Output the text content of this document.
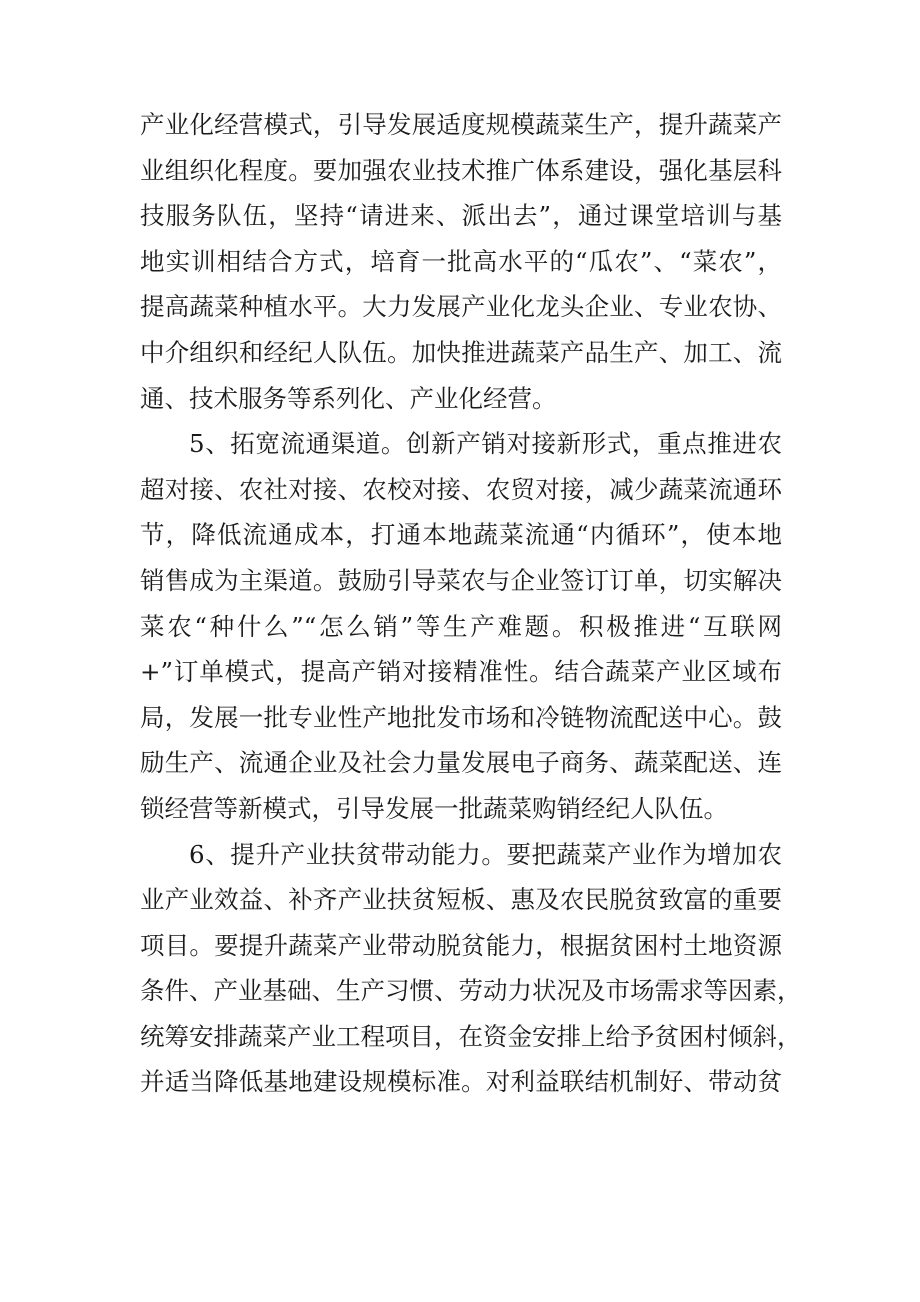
产业化经营模式，引导发展适度规模蔬菜生产，提升蔬菜产
业组织化程度。要加强农业技术推广体系建设，强化基层科
技服务队伍，坚持“请进来、派出去”，通过课堂培训与基
地实训相结合方式，培育一批高水平的“瓜农”、“菜农”，
提高蔬菜种植水平。大力发展产业化龙头企业、专业农协、
中介组织和经纪人队伍。加快推进蔬菜产品生产、加工、流
通、技术服务等系列化、产业化经营。
5、拓宽流通渠道。创新产销对接新形式，重点推进农
超对接、农社对接、农校对接、农贸对接，减少蔬菜流通环
节，降低流通成本，打通本地蔬菜流通“内循环”，使本地
销售成为主渠道。鼓励引导菜农与企业签订订单，切实解决
菜农“种什么”“怎么销”等生产难题。积极推进“互联网
+”订单模式，提高产销对接精准性。结合蔬菜产业区域布
局，发展一批专业性产地批发市场和冷链物流配送中心。鼓
励生产、流通企业及社会力量发展电子商务、蔬菜配送、连
锁经营等新模式，引导发展一批蔬菜购销经纪人队伍。
6、提升产业扶贫带动能力。要把蔬菜产业作为增加农
业产业效益、补齐产业扶贫短板、惠及农民脱贫致富的重要
项目。要提升蔬菜产业带动脱贫能力，根据贫困村土地资源
条件、产业基础、生产习惯、劳动力状况及市场需求等因素，
统筹安排蔬菜产业工程项目，在资金安排上给予贫困村倾斜，
并适当降低基地建设规模标准。对利益联结机制好、带动贫
